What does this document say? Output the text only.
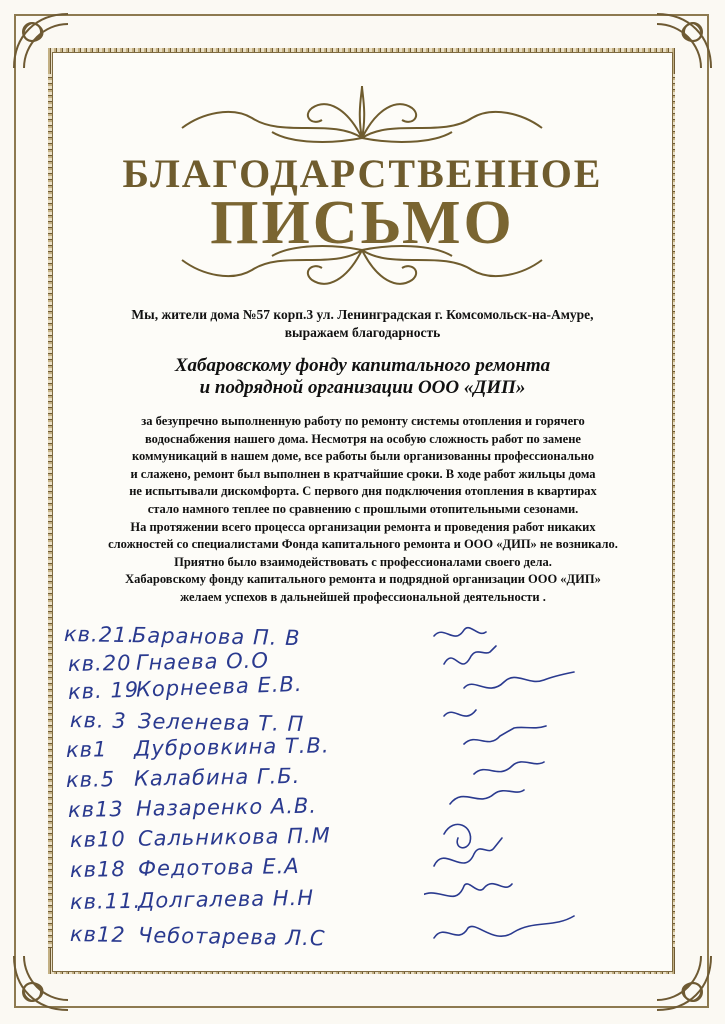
БЛАГОДАРСТВЕННОЕ
ПИСЬМО
Мы, жители дома №57 корп.3 ул. Ленинградская г. Комсомольск-на-Амуре,
выражаем благодарность
Хабаровскому фонду капитального ремонта
и подрядной организации ООО «ДИП»
за безупречно выполненную работу по ремонту системы отопления и горячего
водоснабжения нашего дома. Несмотря на особую сложность работ по замене
коммуникаций в нашем доме, все работы были организованны профессионально
и слажено, ремонт был выполнен в кратчайшие сроки. В ходе работ жильцы дома
не испытывали дискомфорта. С первого дня подключения отопления в квартирах
стало намного теплее по сравнению с прошлыми отопительными сезонами.
На протяжении всего процесса организации ремонта и проведения работ никаких
сложностей со специалистами Фонда капитального ремонта и ООО «ДИП» не возникало.
Приятно было взаимодействовать с профессионалами своего дела.
Хабаровскому фонду капитального ремонта и подрядной организации ООО «ДИП»
желаем успехов в дальнейшей профессиональной деятельности .
кв.21.Баранова П. В
кв.20 Гнаева О.О
кв. 19Корнеева Е.В.
кв. 3 Зеленева Т. П
кв1 Дубровкина Т.В.
кв.5 Калабина Г.Б.
кв13 Назаренко А.В.
кв10 Сальникова П.М
кв18 Федотова Е.А
кв.11.Долгалева Н.Н
кв12 Чеботарева Л.С
